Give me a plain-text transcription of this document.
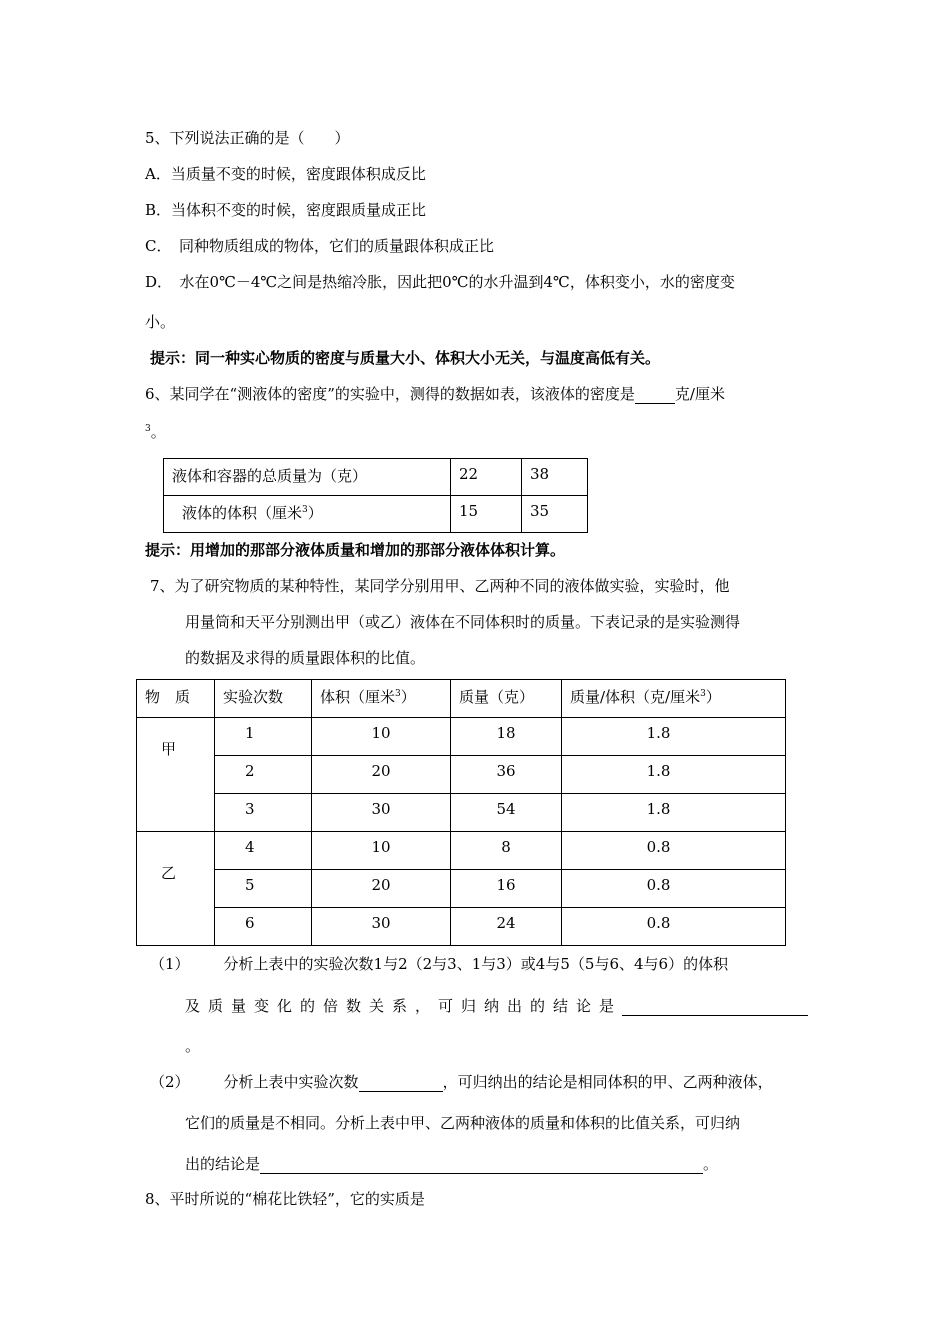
5、下列说法正确的是（　　）
A．当质量不变的时候，密度跟体积成反比
B．当体积不变的时候，密度跟质量成正比
C．　同种物质组成的物体，它们的质量跟体积成正比
D．　水在0℃－4℃之间是热缩冷胀，因此把0℃的水升温到4℃，体积变小，水的密度变
小。
提示：同一种实心物质的密度与质量大小、体积大小无关，与温度高低有关。
6、某同学在“测液体的密度”的实验中，测得的数据如表，该液体的密度是	克/厘米
$^3$。
液体和容器的总质量为（克）	22	38
液体的体积（厘米$^3$）	15	35
提示：用增加的那部分液体质量和增加的那部分液体体积计算。
7、为了研究物质的某种特性，某同学分别用甲、乙两种不同的液体做实验，实验时，他
用量筒和天平分别测出甲（或乙）液体在不同体积时的质量。下表记录的是实验测得
的数据及求得的质量跟体积的比值。
物　质	实验次数	体积（厘米$^3$）	质量（克）	质量/体积（克/厘米$^3$）
甲	1	10	18	1.8
	2	20	36	1.8
	3	30	54	1.8
乙	4	10	8	0.8
	5	20	16	0.8
	6	30	24	0.8
（1） 分析上表中的实验次数1与2（2与3、1与3）或4与5（5与6、4与6）的体积
及质量变化的倍数关系，可归纳出的结论是
。
（2） 分析上表中实验次数	，可归纳出的结论是相同体积的甲、乙两种液体，
它们的质量是不相同。分析上表中甲、乙两种液体的质量和体积的比值关系，可归纳
出的结论是	。
8、平时所说的“棉花比铁轻”，它的实质是
